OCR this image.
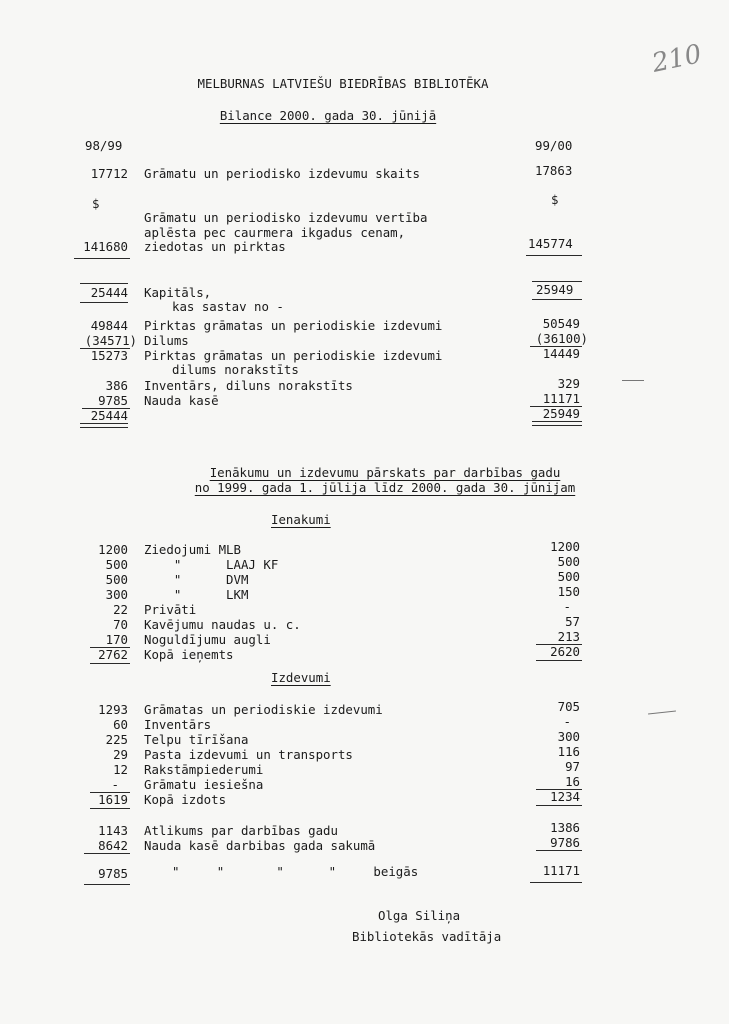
210
MELBURNAS LATVIEŠU BIEDRĪBAS BIBLIOTĒKA
Bilance 2000. gada 30. jūnijā
98/99	99/00
17712 Grāmatu un periodisko izdevumu skaits	17863
$	$
Grāmatu un periodisko izdevumu vertība
aplēsta pec caurmera ikgadus cenam,
ziedotas un pirktas
141680	145774
25444 Kapitāls,	25949
kas sastav no -
49844 Pirktas grāmatas un periodiskie izdevumi	50549
(34571) Dilums	(36100)
15273 Pirktas grāmatas un periodiskie izdevumi	14449
dilums norakstīts
386 Inventārs, diluns norakstīts	329
9785 Nauda kasē	11171
25444	25949
Ienākumu un izdevumu pārskats par darbības gadu
no 1999. gada 1. jūlija līdz 2000. gada 30. jūnijam
Ienakumi
1200 Ziedojumi MLB	1200
500 "      LAAJ KF	500
500 "      DVM	500
300 "      LKM	150
22 Privāti	-
70 Kavējumu naudas u. c.	57
170 Noguldījumu augli	213
2762 Kopā ieņemts	2620
Izdevumi
1293 Grāmatas un periodiskie izdevumi	705
60 Inventārs	-
225 Telpu tīrīšana	300
29 Pasta izdevumi un transports	116
12 Rakstāmpiederumi	97
- Grāmatu iesiešna	16
1619 Kopā izdots	1234
1143 Atlikums par darbības gadu	1386
8642 Nauda kasē darbibas gada sakumā	9786
9785	"     "       "      "     beigās	11171
Olga Siliņa
Bibliotekās vadītāja
